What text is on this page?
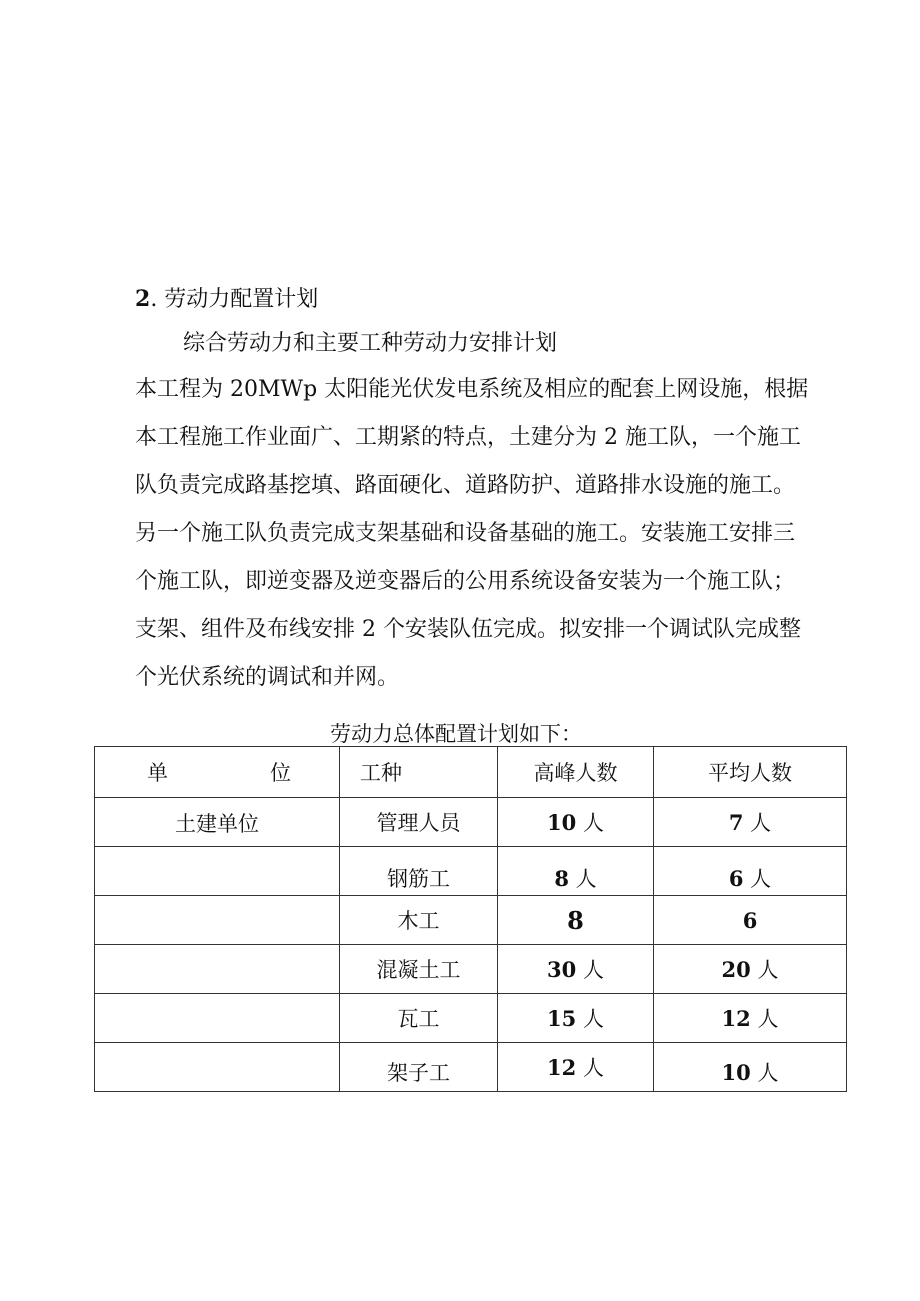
2. 劳动力配置计划
综合劳动力和主要工种劳动力安排计划
本工程为 20MWp 太阳能光伏发电系统及相应的配套上网设施，根据
本工程施工作业面广、工期紧的特点，土建分为 2 施工队，一个施工
队负责完成路基挖填、路面硬化、道路防护、道路排水设施的施工。
另一个施工队负责完成支架基础和设备基础的施工。安装施工安排三
个施工队，即逆变器及逆变器后的公用系统设备安装为一个施工队；
支架、组件及布线安排 2 个安装队伍完成。拟安排一个调试队完成整
个光伏系统的调试和并网。
劳动力总体配置计划如下：
单 位	工种	高峰人数	平均人数
土建单位	管理人员	10 人	7 人
	钢筋工	8 人	6 人
	木工	8	6
	混凝土工	30 人	20 人
	瓦工	15 人	12 人
	架子工	12 人	10 人
